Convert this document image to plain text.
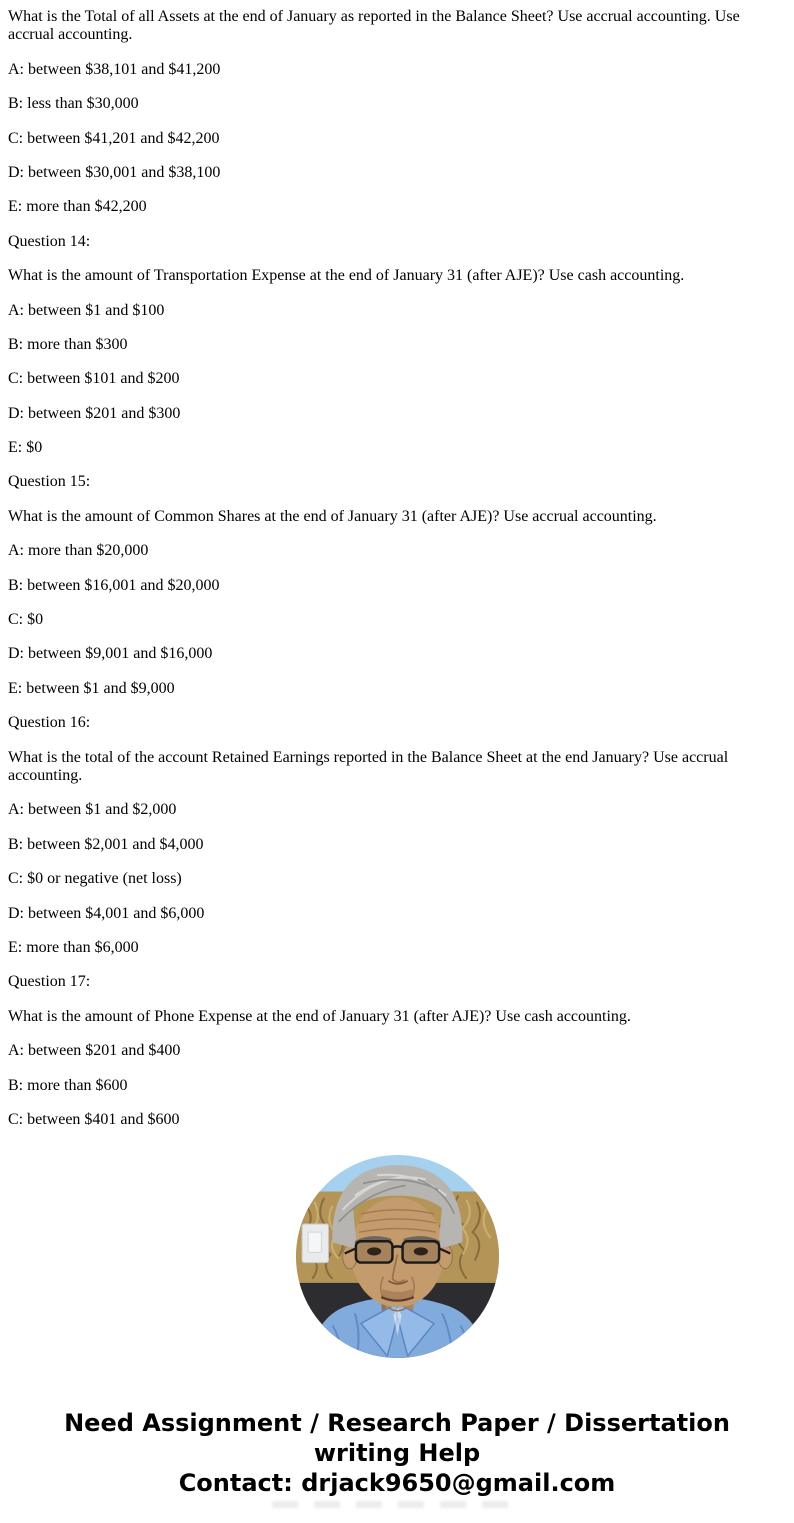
What is the Total of all Assets at the end of January as reported in the Balance Sheet? Use accrual accounting. Use accrual accounting.

A: between $38,101 and $41,200

B: less than $30,000

C: between $41,201 and $42,200

D: between $30,001 and $38,100

E: more than $42,200

Question 14:

What is the amount of Transportation Expense at the end of January 31 (after AJE)? Use cash accounting.

A: between $1 and $100

B: more than $300

C: between $101 and $200

D: between $201 and $300

E: $0

Question 15:

What is the amount of Common Shares at the end of January 31 (after AJE)? Use accrual accounting.

A: more than $20,000

B: between $16,001 and $20,000

C: $0

D: between $9,001 and $16,000

E: between $1 and $9,000

Question 16:

What is the total of the account Retained Earnings reported in the Balance Sheet at the end January? Use accrual accounting.

A: between $1 and $2,000

B: between $2,001 and $4,000

C: $0 or negative (net loss)

D: between $4,001 and $6,000

E: more than $6,000

Question 17:

What is the amount of Phone Expense at the end of January 31 (after AJE)? Use cash accounting.

A: between $201 and $400

B: more than $600

C: between $401 and $600

Need Assignment / Research Paper / Dissertation writing Help
Contact: drjack9650@gmail.com
